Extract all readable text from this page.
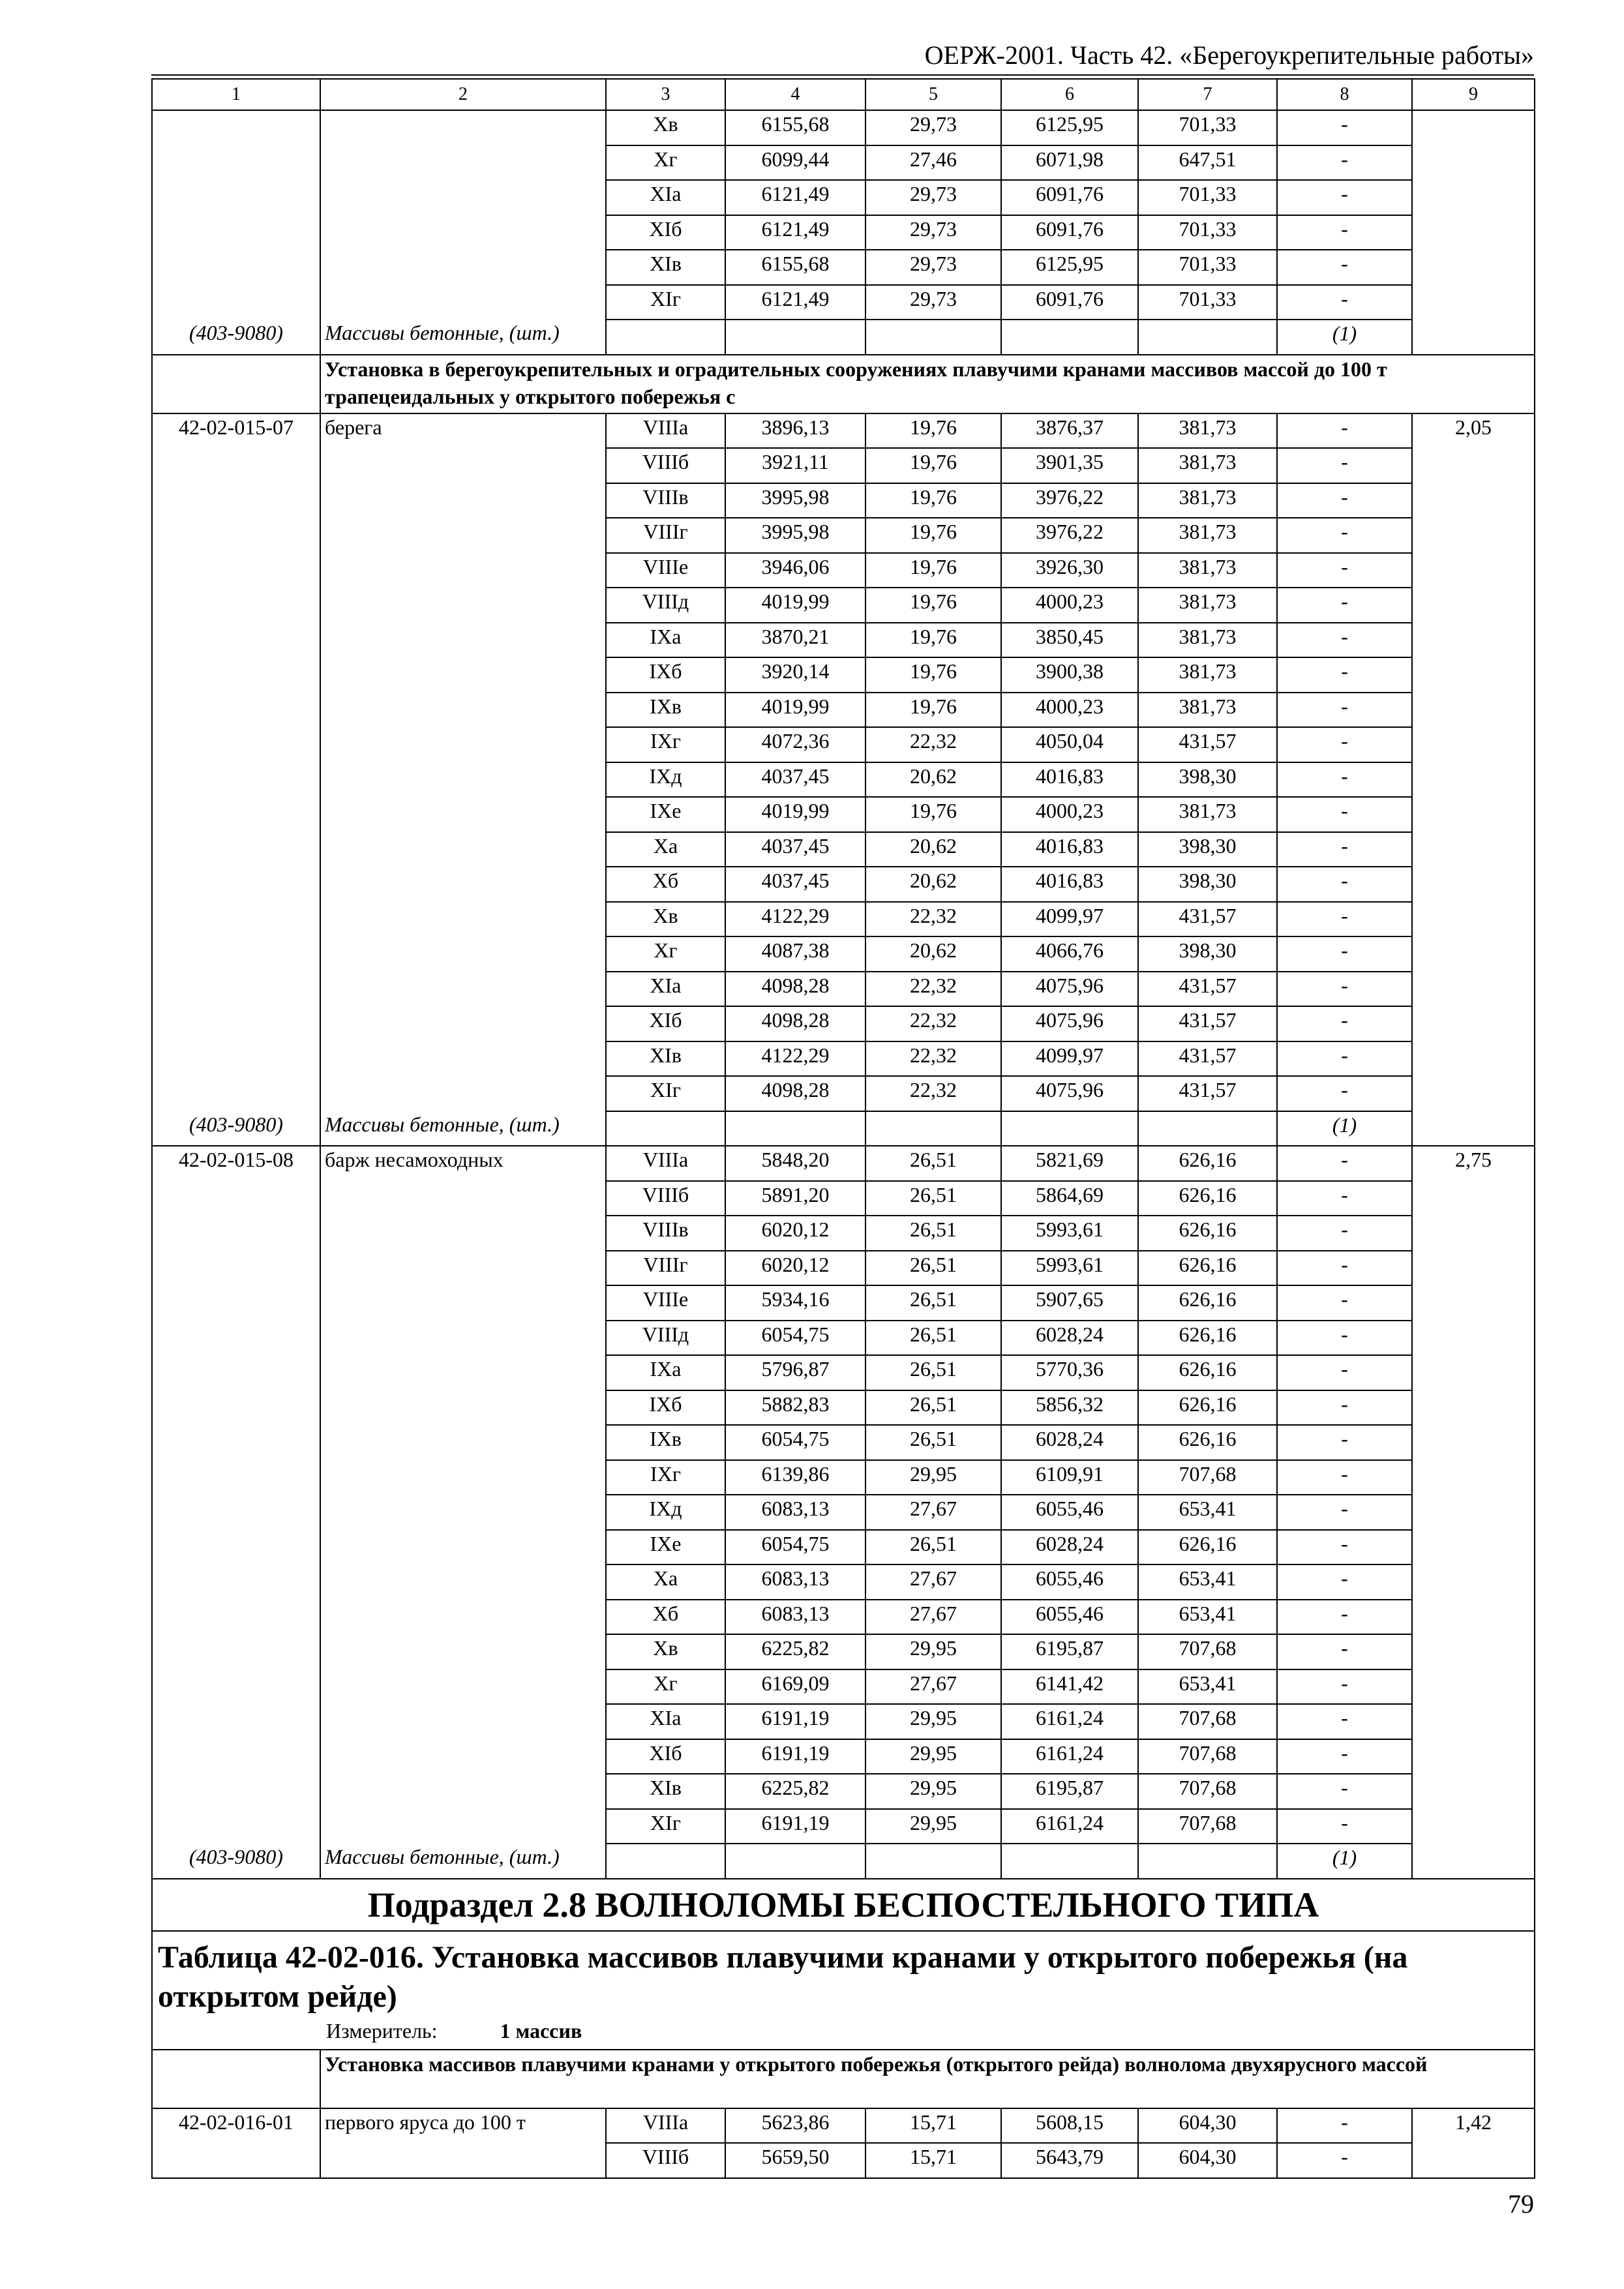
ОЕРЖ-2001. Часть 42. «Берегоукрепительные работы»
1	2	3	4	5	6	7	8	9
		Xв	6155,68	29,73	6125,95	701,33	-	
		Xг	6099,44	27,46	6071,98	647,51	-	
		XIа	6121,49	29,73	6091,76	701,33	-	
		XIб	6121,49	29,73	6091,76	701,33	-	
		XIв	6155,68	29,73	6125,95	701,33	-	
		XIг	6121,49	29,73	6091,76	701,33	-	
(403-9080)	Массивы бетонные, (шт.)						(1)	
	Установка в берегоукрепительных и оградительных сооружениях плавучими кранами массивов массой до 100 т трапецеидальных у открытого побережья с							
42-02-015-07	берега	VIIIа	3896,13	19,76	3876,37	381,73	-	2,05
		VIIIб	3921,11	19,76	3901,35	381,73	-	
		VIIIв	3995,98	19,76	3976,22	381,73	-	
		VIIIг	3995,98	19,76	3976,22	381,73	-	
		VIIIе	3946,06	19,76	3926,30	381,73	-	
		VIIIд	4019,99	19,76	4000,23	381,73	-	
		IXа	3870,21	19,76	3850,45	381,73	-	
		IXб	3920,14	19,76	3900,38	381,73	-	
		IXв	4019,99	19,76	4000,23	381,73	-	
		IXг	4072,36	22,32	4050,04	431,57	-	
		IXд	4037,45	20,62	4016,83	398,30	-	
		IXе	4019,99	19,76	4000,23	381,73	-	
		Xа	4037,45	20,62	4016,83	398,30	-	
		Xб	4037,45	20,62	4016,83	398,30	-	
		Xв	4122,29	22,32	4099,97	431,57	-	
		Xг	4087,38	20,62	4066,76	398,30	-	
		XIа	4098,28	22,32	4075,96	431,57	-	
		XIб	4098,28	22,32	4075,96	431,57	-	
		XIв	4122,29	22,32	4099,97	431,57	-	
		XIг	4098,28	22,32	4075,96	431,57	-	
(403-9080)	Массивы бетонные, (шт.)						(1)	
42-02-015-08	барж несамоходных	VIIIа	5848,20	26,51	5821,69	626,16	-	2,75
		VIIIб	5891,20	26,51	5864,69	626,16	-	
		VIIIв	6020,12	26,51	5993,61	626,16	-	
		VIIIг	6020,12	26,51	5993,61	626,16	-	
		VIIIе	5934,16	26,51	5907,65	626,16	-	
		VIIIд	6054,75	26,51	6028,24	626,16	-	
		IXа	5796,87	26,51	5770,36	626,16	-	
		IXб	5882,83	26,51	5856,32	626,16	-	
		IXв	6054,75	26,51	6028,24	626,16	-	
		IXг	6139,86	29,95	6109,91	707,68	-	
		IXд	6083,13	27,67	6055,46	653,41	-	
		IXе	6054,75	26,51	6028,24	626,16	-	
		Xа	6083,13	27,67	6055,46	653,41	-	
		Xб	6083,13	27,67	6055,46	653,41	-	
		Xв	6225,82	29,95	6195,87	707,68	-	
		Xг	6169,09	27,67	6141,42	653,41	-	
		XIа	6191,19	29,95	6161,24	707,68	-	
		XIб	6191,19	29,95	6161,24	707,68	-	
		XIв	6225,82	29,95	6195,87	707,68	-	
		XIг	6191,19	29,95	6161,24	707,68	-	
(403-9080)	Массивы бетонные, (шт.)						(1)	
Подраздел 2.8 ВОЛНОЛОМЫ БЕСПОСТЕЛЬНОГО ТИПА								
Таблица 42-02-016. Установка массивов плавучими кранами у открытого побережья (на открытом рейде)								
Измеритель: 1 массив								
	Установка массивов плавучими кранами у открытого побережья (открытого рейда) волнолома двухярусного массой							
42-02-016-01	первого яруса до 100 т	VIIIа	5623,86	15,71	5608,15	604,30	-	1,42
		VIIIб	5659,50	15,71	5643,79	604,30	-	
79
